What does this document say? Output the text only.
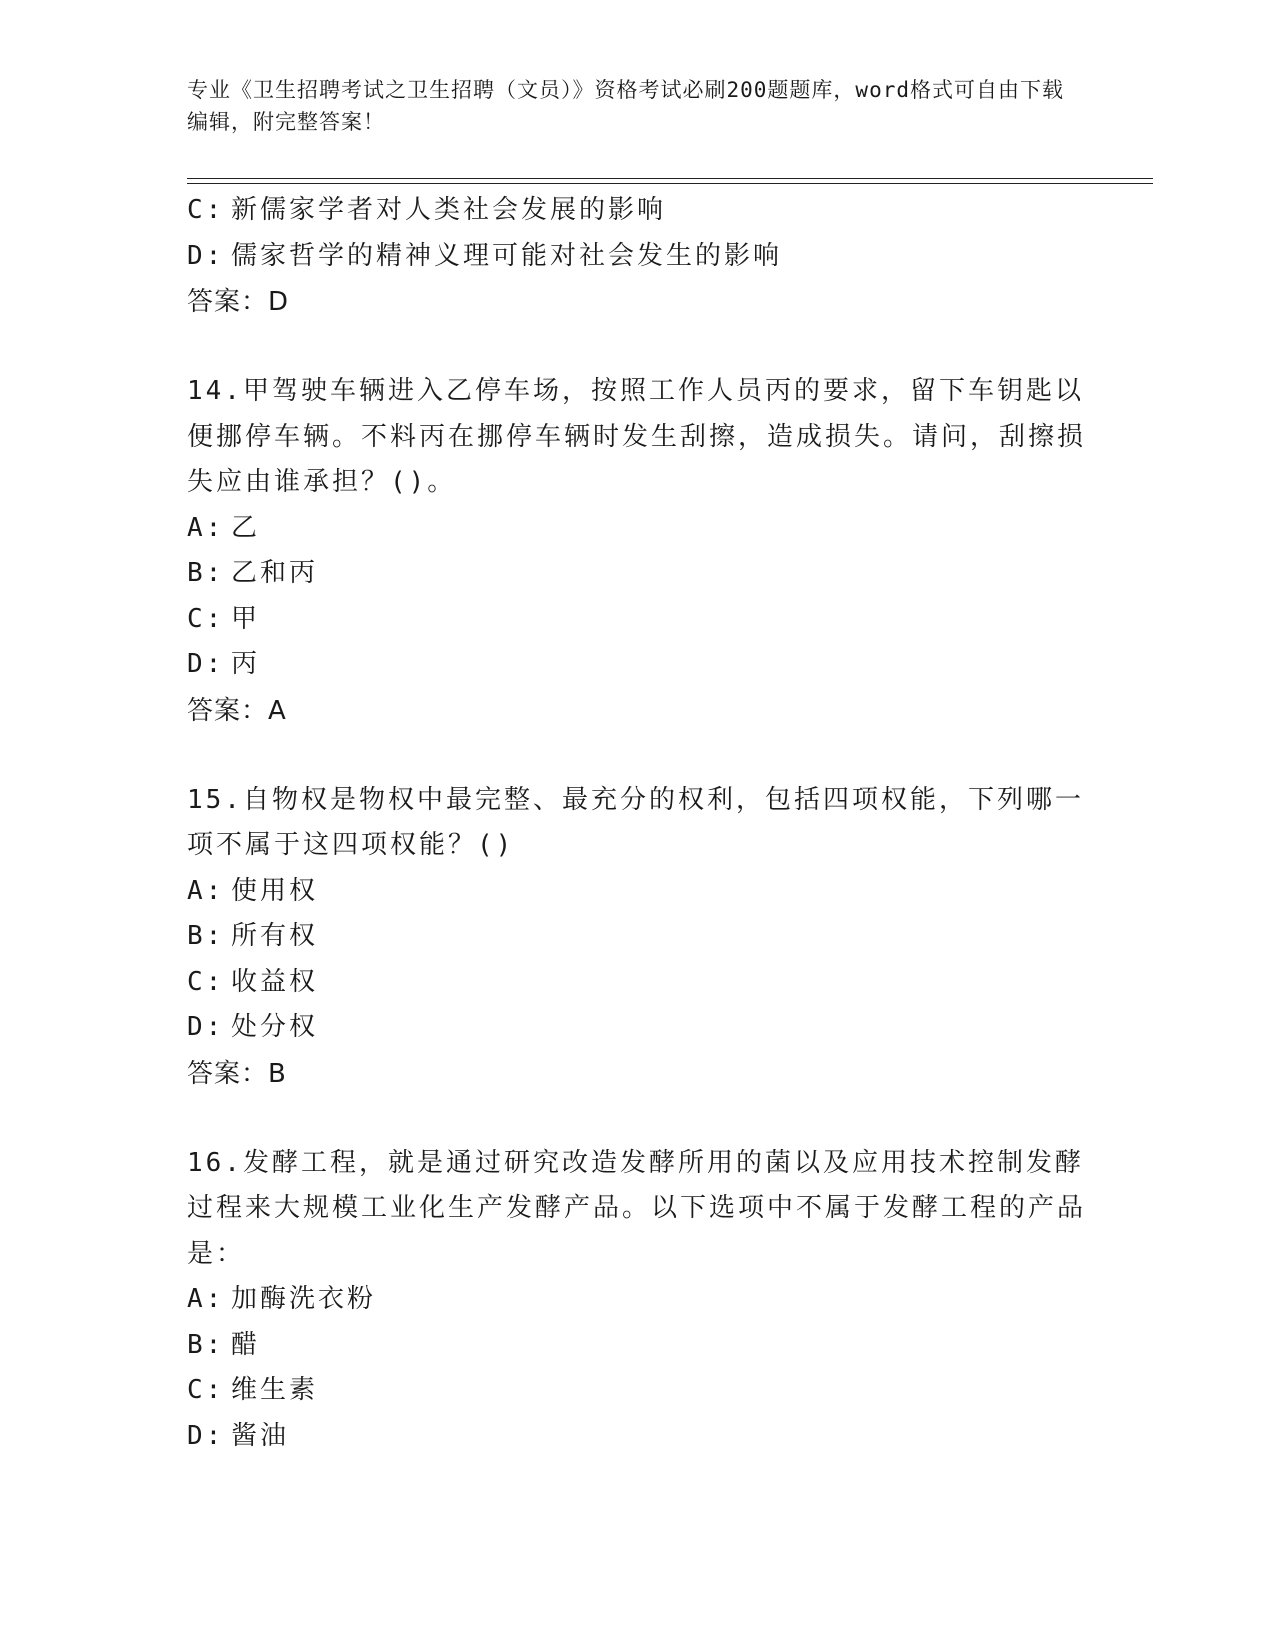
专业《卫生招聘考试之卫生招聘（文员）》资格考试必刷200题题库，word格式可自由下载编辑，附完整答案！
C: 新儒家学者对人类社会发展的影响
D: 儒家哲学的精神义理可能对社会发生的影响
答案：D
14.甲驾驶车辆进入乙停车场，按照工作人员丙的要求，留下车钥匙以便挪停车辆。不料丙在挪停车辆时发生刮擦，造成损失。请问，刮擦损失应由谁承担？()。
A: 乙
B: 乙和丙
C: 甲
D: 丙
答案：A
15.自物权是物权中最完整、最充分的权利，包括四项权能，下列哪一项不属于这四项权能？()
A: 使用权
B: 所有权
C: 收益权
D: 处分权
答案：B
16.发酵工程，就是通过研究改造发酵所用的菌以及应用技术控制发酵过程来大规模工业化生产发酵产品。以下选项中不属于发酵工程的产品是：
A: 加酶洗衣粉
B: 醋
C: 维生素
D: 酱油
